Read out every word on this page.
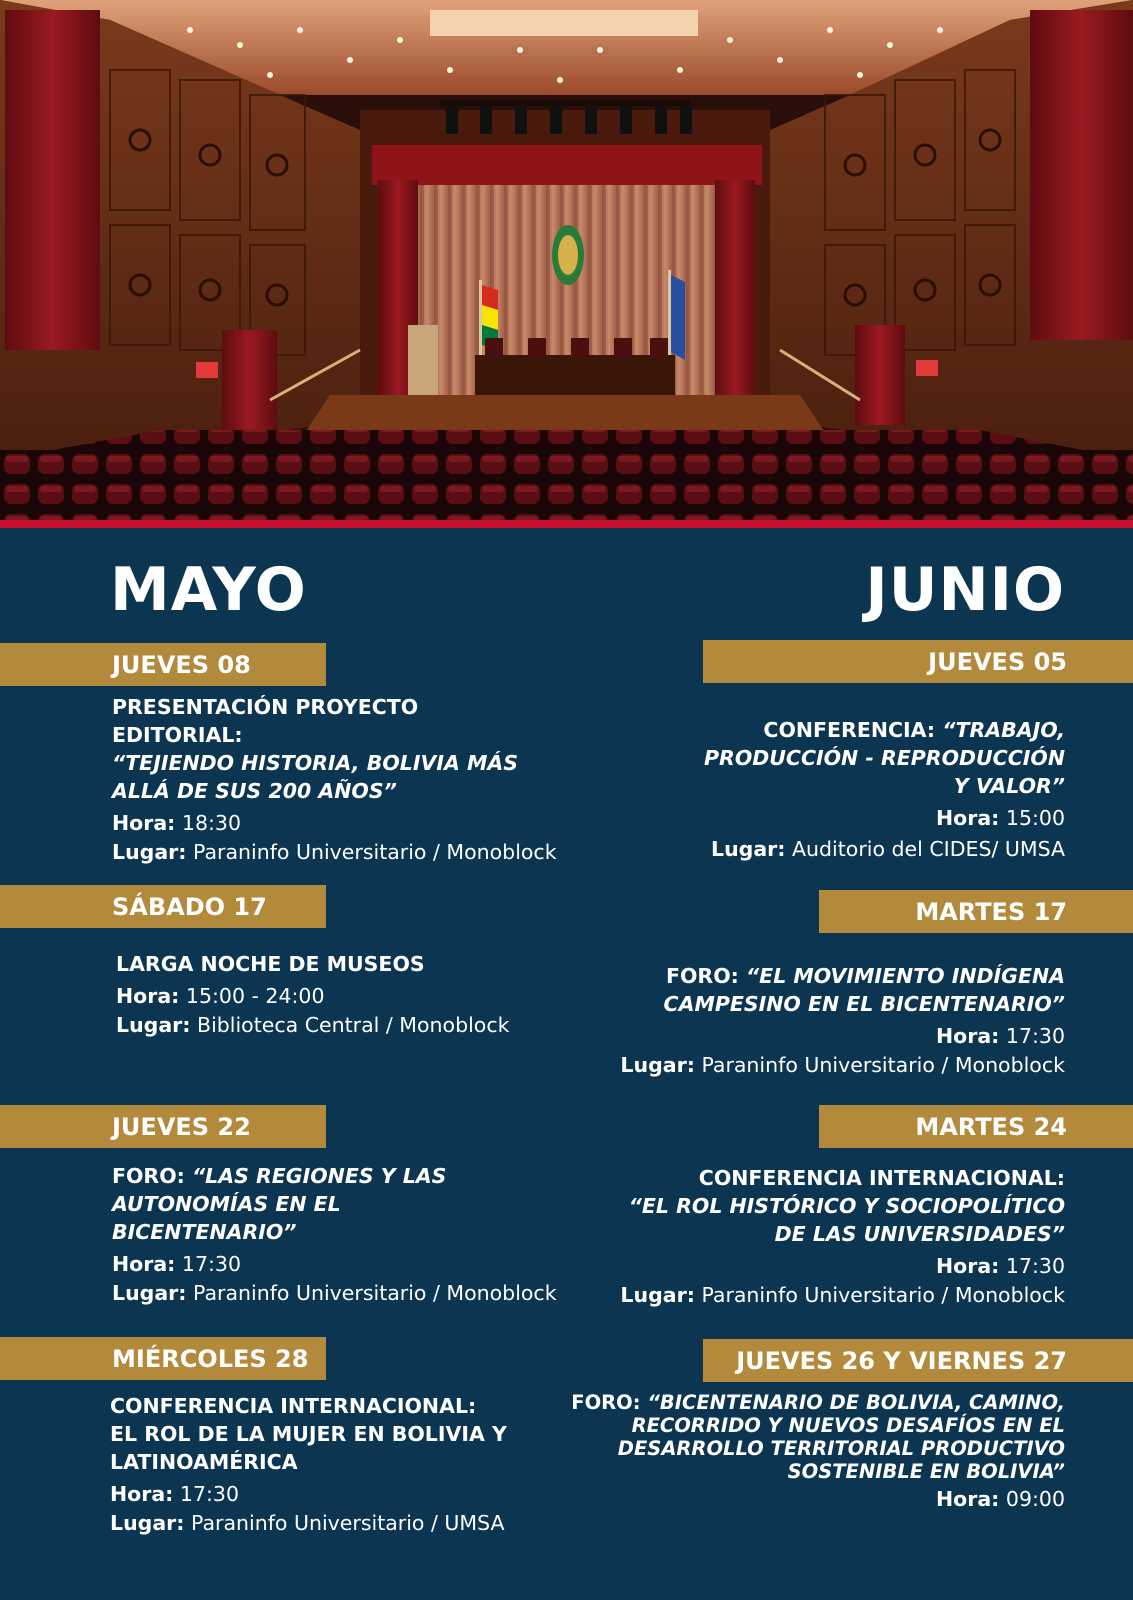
MAYO	JUNIO
JUEVES 08
PRESENTACIÓN PROYECTO
EDITORIAL:
“TEJIENDO HISTORIA, BOLIVIA MÁS
ALLÁ DE SUS 200 AÑOS”
Hora: 18:30
Lugar: Paraninfo Universitario / Monoblock
SÁBADO 17
LARGA NOCHE DE MUSEOS
Hora: 15:00 - 24:00
Lugar: Biblioteca Central / Monoblock
JUEVES 22
FORO: “LAS REGIONES Y LAS
AUTONOMÍAS EN EL
BICENTENARIO”
Hora: 17:30
Lugar: Paraninfo Universitario / Monoblock
MIÉRCOLES 28
CONFERENCIA INTERNACIONAL:
EL ROL DE LA MUJER EN BOLIVIA Y
LATINOAMÉRICA
Hora: 17:30
Lugar: Paraninfo Universitario / UMSA
JUEVES 05
CONFERENCIA: “TRABAJO,
PRODUCCIÓN - REPRODUCCIÓN
Y VALOR”
Hora: 15:00
Lugar: Auditorio del CIDES/ UMSA
MARTES 17
FORO: “EL MOVIMIENTO INDÍGENA
CAMPESINO EN EL BICENTENARIO”
Hora: 17:30
Lugar: Paraninfo Universitario / Monoblock
MARTES 24
CONFERENCIA INTERNACIONAL:
“EL ROL HISTÓRICO Y SOCIOPOLÍTICO
DE LAS UNIVERSIDADES”
Hora: 17:30
Lugar: Paraninfo Universitario / Monoblock
JUEVES 26 Y VIERNES 27
FORO: “BICENTENARIO DE BOLIVIA, CAMINO,
RECORRIDO Y NUEVOS DESAFÍOS EN EL
DESARROLLO TERRITORIAL PRODUCTIVO
SOSTENIBLE EN BOLIVIA”
Hora: 09:00
